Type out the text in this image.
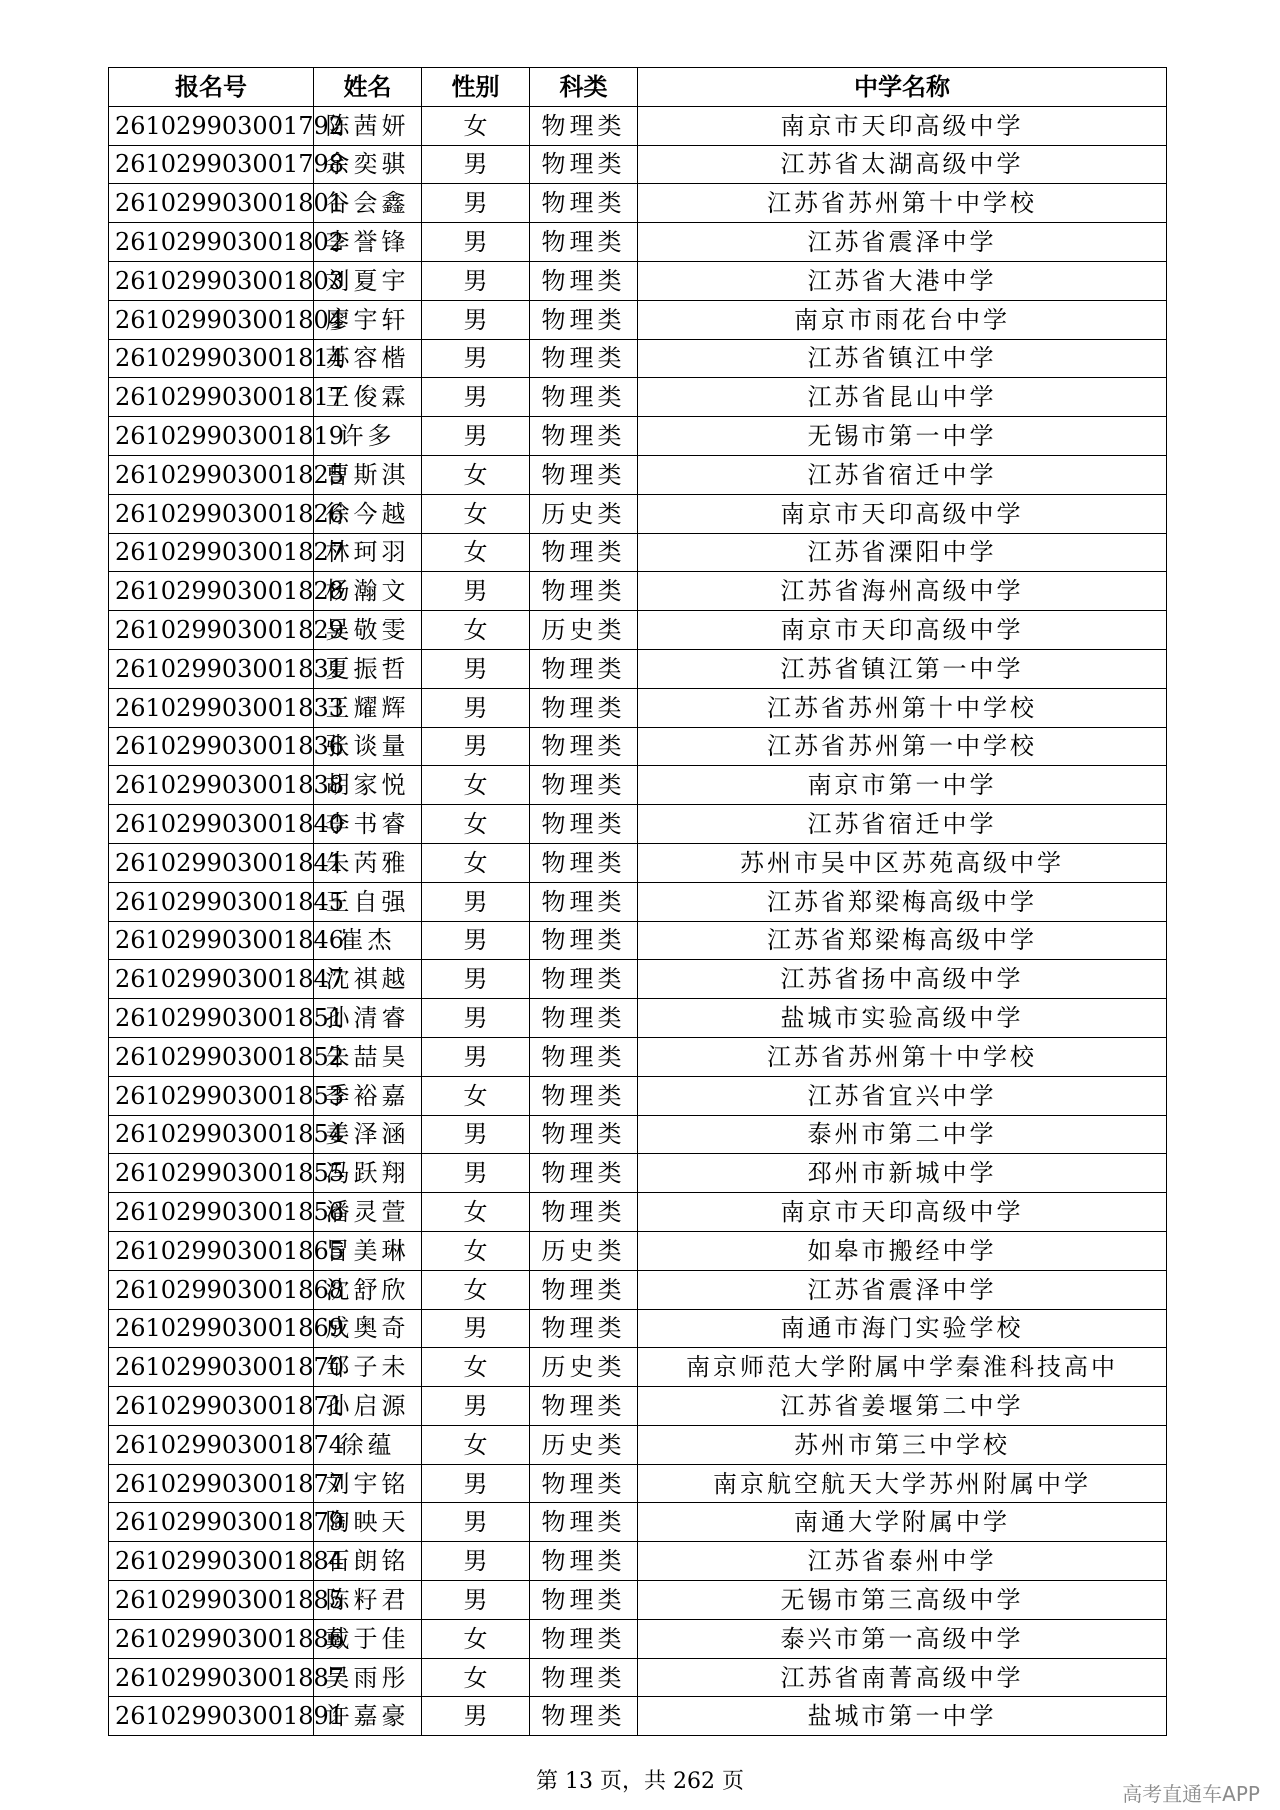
报名号	姓名	性别	科类	中学名称
261029903001792	陈茜妍	女	物理类	南京市天印高级中学
261029903001798	余奕骐	男	物理类	江苏省太湖高级中学
261029903001801	谷会鑫	男	物理类	江苏省苏州第十中学校
261029903001802	李誉锋	男	物理类	江苏省震泽中学
261029903001803	刘夏宇	男	物理类	江苏省大港中学
261029903001804	廖宇轩	男	物理类	南京市雨花台中学
261029903001814	苏容楷	男	物理类	江苏省镇江中学
261029903001817	王俊霖	男	物理类	江苏省昆山中学
261029903001819	许多	男	物理类	无锡市第一中学
261029903001825	曹斯淇	女	物理类	江苏省宿迁中学
261029903001826	徐今越	女	历史类	南京市天印高级中学
261029903001827	林珂羽	女	物理类	江苏省溧阳中学
261029903001828	杨瀚文	男	物理类	江苏省海州高级中学
261029903001829	吴敬雯	女	历史类	南京市天印高级中学
261029903001831	夏振哲	男	物理类	江苏省镇江第一中学
261029903001833	王耀辉	男	物理类	江苏省苏州第十中学校
261029903001836	张谈量	男	物理类	江苏省苏州第一中学校
261029903001838	胡家悦	女	物理类	南京市第一中学
261029903001840	李书睿	女	物理类	江苏省宿迁中学
261029903001841	朱芮雅	女	物理类	苏州市吴中区苏苑高级中学
261029903001845	王自强	男	物理类	江苏省郑梁梅高级中学
261029903001846	崔杰	男	物理类	江苏省郑梁梅高级中学
261029903001847	沈祺越	男	物理类	江苏省扬中高级中学
261029903001851	孙清睿	男	物理类	盐城市实验高级中学
261029903001852	朱喆昊	男	物理类	江苏省苏州第十中学校
261029903001853	季裕嘉	女	物理类	江苏省宜兴中学
261029903001854	姜泽涵	男	物理类	泰州市第二中学
261029903001855	冯跃翔	男	物理类	邳州市新城中学
261029903001856	潘灵萱	女	物理类	南京市天印高级中学
261029903001865	冒美琳	女	历史类	如皋市搬经中学
261029903001868	沈舒欣	女	物理类	江苏省震泽中学
261029903001869	成奥奇	男	物理类	南通市海门实验学校
261029903001870	邹子未	女	历史类	南京师范大学附属中学秦淮科技高中
261029903001871	孙启源	男	物理类	江苏省姜堰第二中学
261029903001874	徐蕴	女	历史类	苏州市第三中学校
261029903001877	刘宇铭	男	物理类	南京航空航天大学苏州附属中学
261029903001879	陶映天	男	物理类	南通大学附属中学
261029903001884	石朗铭	男	物理类	江苏省泰州中学
261029903001885	陈籽君	男	物理类	无锡市第三高级中学
261029903001886	戴于佳	女	物理类	泰兴市第一高级中学
261029903001887	吴雨彤	女	物理类	江苏省南菁高级中学
261029903001891	许嘉豪	男	物理类	盐城市第一中学
第 13 页，共 262 页	高考直通车APP
